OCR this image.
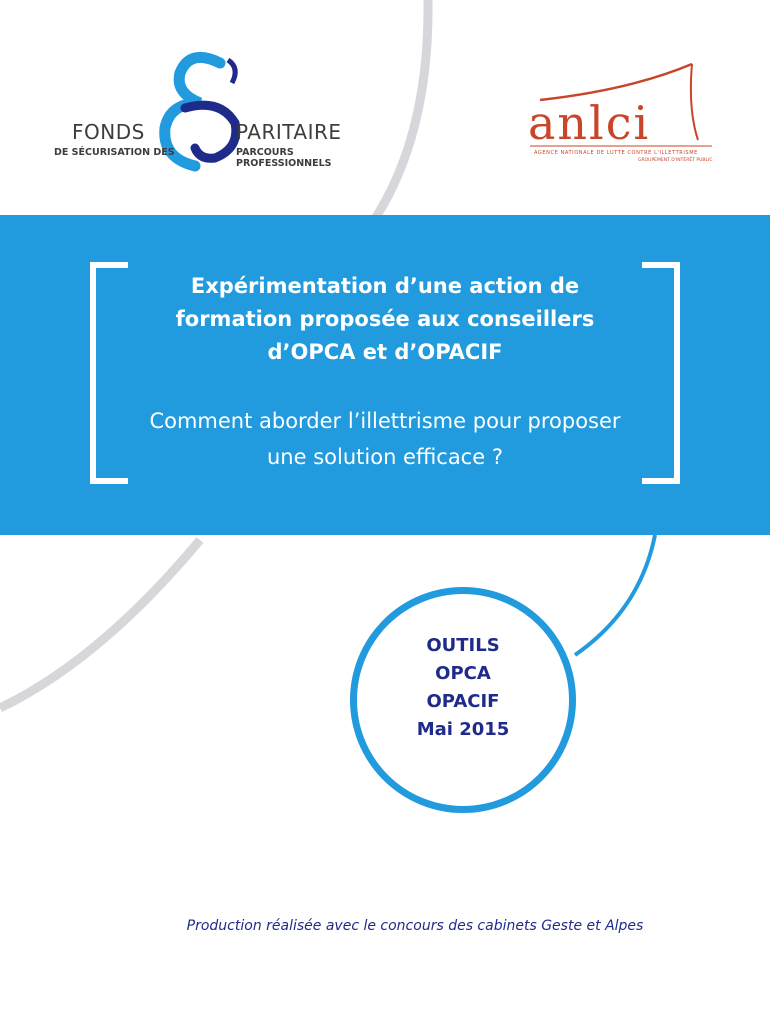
FONDS	PARITAIRE
DE SÉCURISATION DES	PARCOURS PROFESSIONNELS
anlci
AGENCE NATIONALE DE LUTTE CONTRE L'ILLETTRISME
GROUPEMENT D'INTÉRÊT PUBLIC
Expérimentation d’une action de
formation proposée aux conseillers
d’OPCA et d’OPACIF
Comment aborder l’illettrisme pour proposer
une solution efficace ?
OUTILS
OPCA
OPACIF
Mai 2015
Production réalisée avec le concours des cabinets Geste et Alpes
